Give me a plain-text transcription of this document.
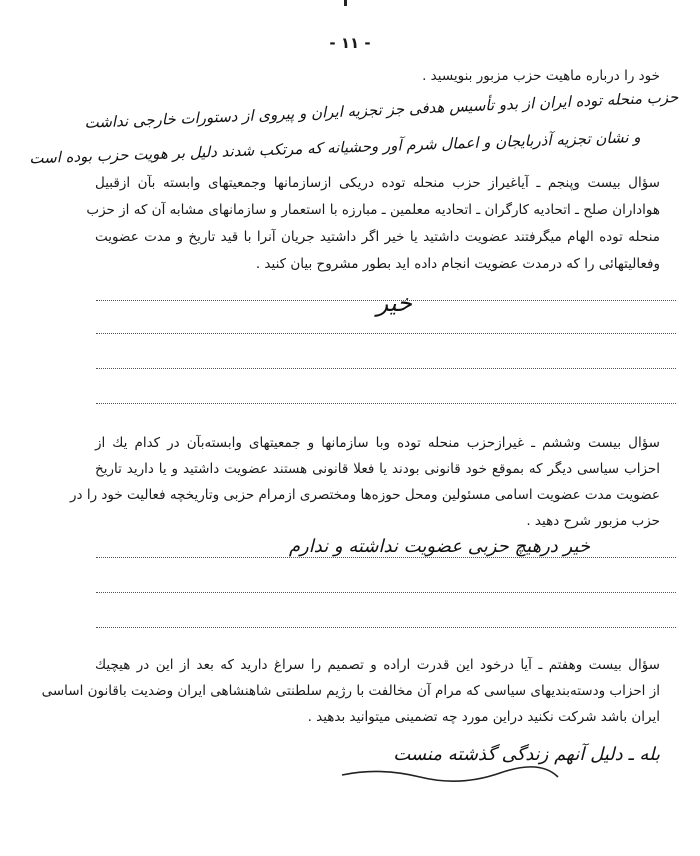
- ۱۱ -
خود را درباره ماهیت حزب مزبور بنویسید .
حزب منحله توده ایران از بدو تأسیس هدفی جز تجزیه ایران و پیروی از دستورات خارجی نداشت
و نشان تجزیه آذربایجان و اعمال شرم آور وحشیانه که مرتکب شدند دلیل بر هویت حزب بوده است
سؤال بیست وپنجم ـ آیاغیراز حزب منحله توده دریکی ازسازمانها وجمعیتهای وابسته بآن ازقبیل
هواداران صلح ـ اتحادیه کارگران ـ اتحادیه معلمین ـ مبارزه با استعمار و سازمانهای مشابه آن که از حزب
منحله توده الهام میگرفتند عضویت داشتید یا خیر اگر داشتید جریان آنرا با قید تاریخ و مدت عضویت
وفعالیتهائی را که درمدت عضویت انجام داده اید بطور مشروح بیان کنید .
خیر
سؤال بیست وششم ـ غیرازحزب منحله توده وبا سازمانها و جمعیتهای وابسته‌بآن در کدام یك از
احزاب سیاسی دیگر که بموقع خود قانونی بودند یا فعلا قانونی هستند عضویت داشتید و یا دارید تاریخ
عضویت مدت عضویت اسامی مسئولین ومحل حوزه‌ها ومختصری ازمرام حزبی وتاریخچه فعالیت خود را در
حزب مزبور شرح دهید .
خیر درهیچ حزبی عضویت نداشته و ندارم
سؤال بیست وهفتم ـ آیا درخود این قدرت اراده و تصمیم را سراغ دارید که بعد از این در هیچیك
از احزاب ودسته‌بندیهای سیاسی که مرام آن مخالفت با رژیم سلطنتی شاهنشاهی ایران وضدیت باقانون اساسی
ایران باشد شرکت نکنید دراین مورد چه تضمینی میتوانید بدهید .
بله ـ دلیل آنهم زندگی گذشته منست
